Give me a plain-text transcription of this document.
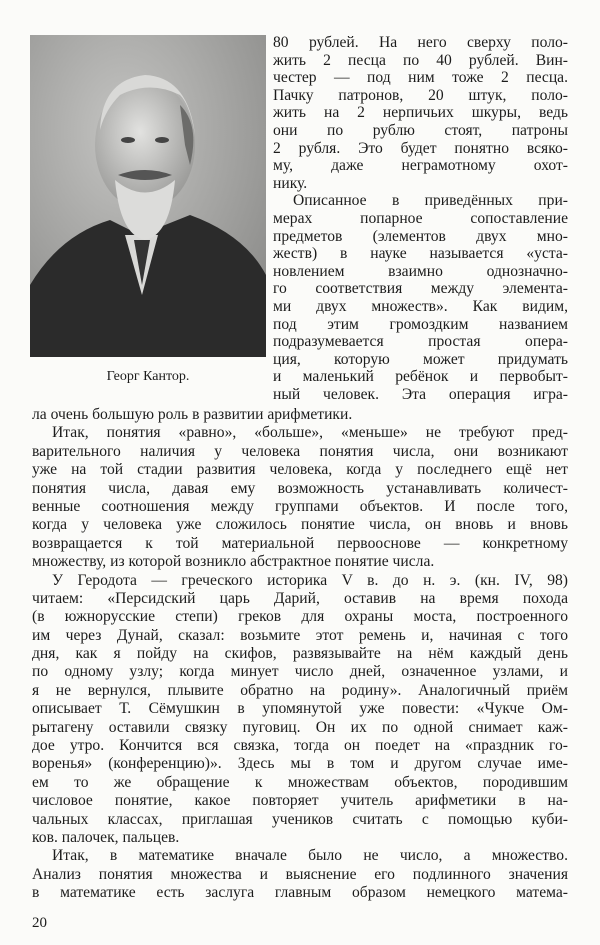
Георг Кантор.
80 рублей. На него сверху поло-
жить 2 песца по 40 рублей. Вин-
честер — под ним тоже 2 песца.
Пачку патронов, 20 штук, поло-
жить на 2 нерпичьих шкуры, ведь
они по рублю стоят, патроны
2 рубля. Это будет понятно всяко-
му, даже неграмотному охот-
нику.
Описанное в приведённых при-
мерах попарное сопоставление
предметов (элементов двух мно-
жеств) в науке называется «уста-
новлением взаимно однозначно-
го соответствия между элемента-
ми двух множеств». Как видим,
под этим громоздким названием
подразумевается простая опера-
ция, которую может придумать
и маленький ребёнок и первобыт-
ный человек. Эта операция игра-
ла очень большую роль в развитии арифметики.
Итак, понятия «равно», «больше», «меньше» не требуют пред-
варительного наличия у человека понятия числа, они возникают
уже на той стадии развития человека, когда у последнего ещё нет
понятия числа, давая ему возможность устанавливать количест-
венные соотношения между группами объектов. И после того,
когда у человека уже сложилось понятие числа, он вновь и вновь
возвращается к той материальной первооснове — конкретному
множеству, из которой возникло абстрактное понятие числа.
У Геродота — греческого историка V в. до н. э. (кн. IV, 98)
читаем: «Персидский царь Дарий, оставив на время похода
(в южнорусские степи) греков для охраны моста, построенного
им через Дунай, сказал: возьмите этот ремень и, начиная с того
дня, как я пойду на скифов, развязывайте на нём каждый день
по одному узлу; когда минует число дней, означенное узлами, и
я не вернулся, плывите обратно на родину». Аналогичный приём
описывает Т. Сёмушкин в упомянутой уже повести: «Чукче Ом-
рытагену оставили связку пуговиц. Он их по одной снимает каж-
дое утро. Кончится вся связка, тогда он поедет на «праздник го-
воренья» (конференцию)». Здесь мы в том и другом случае име-
ем то же обращение к множествам объектов, породившим
числовое понятие, какое повторяет учитель арифметики в на-
чальных классах, приглашая учеников считать с помощью куби-
ков. палочек, пальцев.
Итак, в математике вначале было не число, а множество.
Анализ понятия множества и выяснение его подлинного значения
в математике есть заслуга главным образом немецкого матема-
20
